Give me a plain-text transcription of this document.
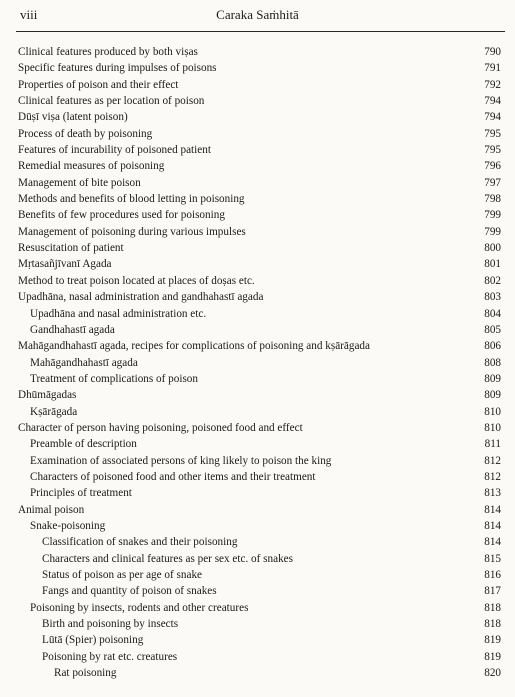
viii	Caraka Saṁhitā
Clinical features produced by both viṣas	790
Specific features during impulses of poisons	791
Properties of poison and their effect	792
Clinical features as per location of poison	794
Dūṣī viṣa (latent poison)	794
Process of death by poisoning	795
Features of incurability of poisoned patient	795
Remedial measures of poisoning	796
Management of bite poison	797
Methods and benefits of blood letting in poisoning	798
Benefits of few procedures used for poisoning	799
Management of poisoning during various impulses	799
Resuscitation of patient	800
Mṛtasañjīvanī Agada	801
Method to treat poison located at places of doṣas etc.	802
Upadhāna, nasal administration and gandhahastī agada	803
Upadhāna and nasal administration etc.	804
Gandhahastī agada	805
Mahāgandhahastī agada, recipes for complications of poisoning and kṣārāgada	806
Mahāgandhahastī agada	808
Treatment of complications of poison	809
Dhūmāgadas	809
Kṣārāgada	810
Character of person having poisoning, poisoned food and effect	810
Preamble of description	811
Examination of associated persons of king likely to poison the king	812
Characters of poisoned food and other items and their treatment	812
Principles of treatment	813
Animal poison	814
Snake-poisoning	814
Classification of snakes and their poisoning	814
Characters and clinical features as per sex etc. of snakes	815
Status of poison as per age of snake	816
Fangs and quantity of poison of snakes	817
Poisoning by insects, rodents and other creatures	818
Birth and poisoning by insects	818
Lūtā (Spier) poisoning	819
Poisoning by rat etc. creatures	819
Rat poisoning	820
